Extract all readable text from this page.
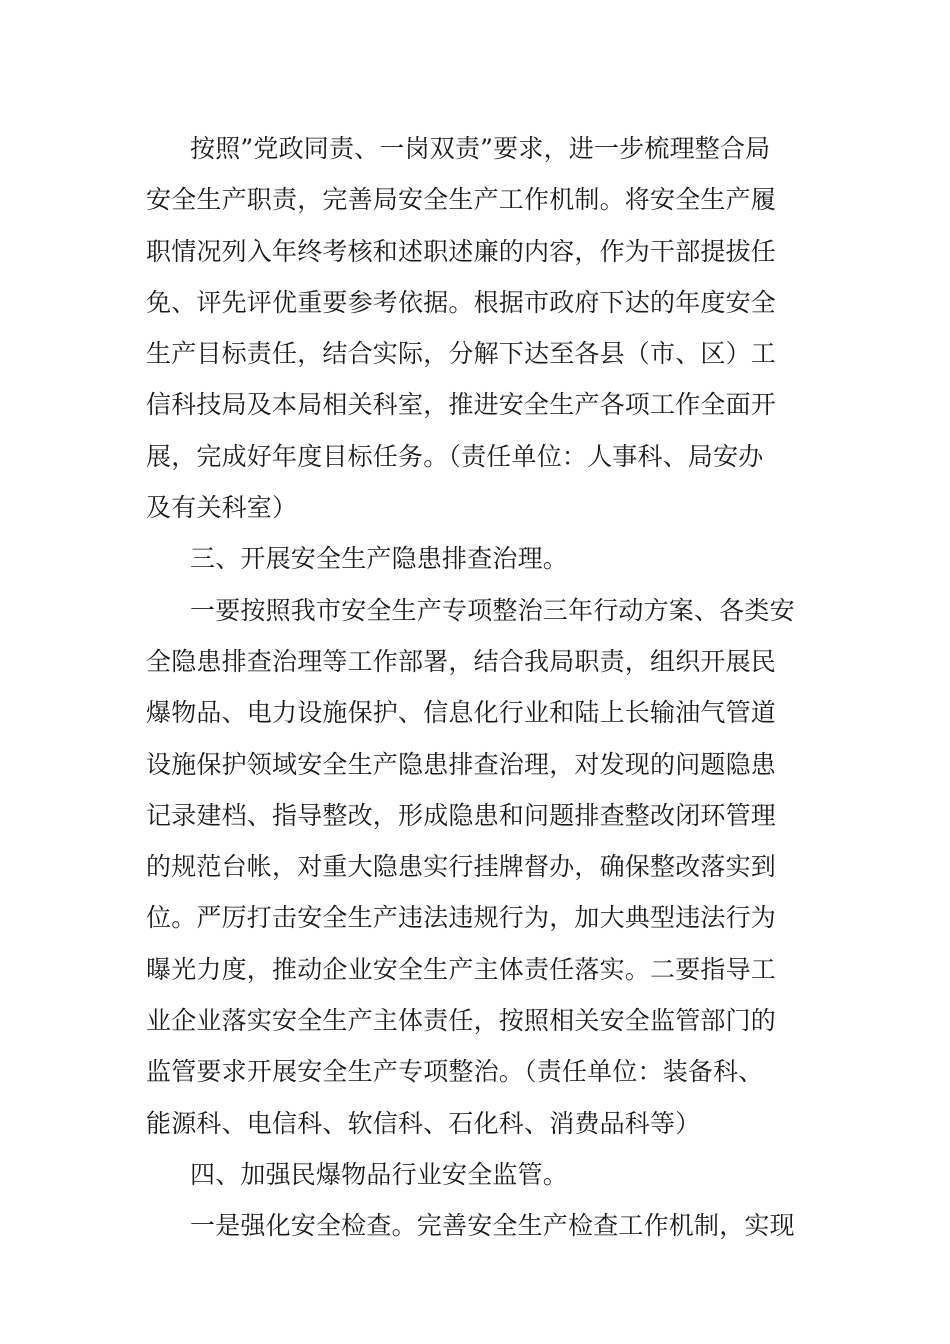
按照”党政同责、一岗双责”要求，进一步梳理整合局
安全生产职责，完善局安全生产工作机制。将安全生产履
职情况列入年终考核和述职述廉的内容，作为干部提拔任
免、评先评优重要参考依据。根据市政府下达的年度安全
生产目标责任，结合实际，分解下达至各县（市、区）工
信科技局及本局相关科室，推进安全生产各项工作全面开
展，完成好年度目标任务。（责任单位：人事科、局安办
及有关科室）
三、开展安全生产隐患排查治理。
一要按照我市安全生产专项整治三年行动方案、各类安
全隐患排查治理等工作部署，结合我局职责，组织开展民
爆物品、电力设施保护、信息化行业和陆上长输油气管道
设施保护领域安全生产隐患排查治理，对发现的问题隐患
记录建档、指导整改，形成隐患和问题排查整改闭环管理
的规范台帐，对重大隐患实行挂牌督办，确保整改落实到
位。严厉打击安全生产违法违规行为，加大典型违法行为
曝光力度，推动企业安全生产主体责任落实。二要指导工
业企业落实安全生产主体责任，按照相关安全监管部门的
监管要求开展安全生产专项整治。（责任单位：装备科、
能源科、电信科、软信科、石化科、消费品科等）
四、加强民爆物品行业安全监管。
一是强化安全检查。完善安全生产检查工作机制，实现
